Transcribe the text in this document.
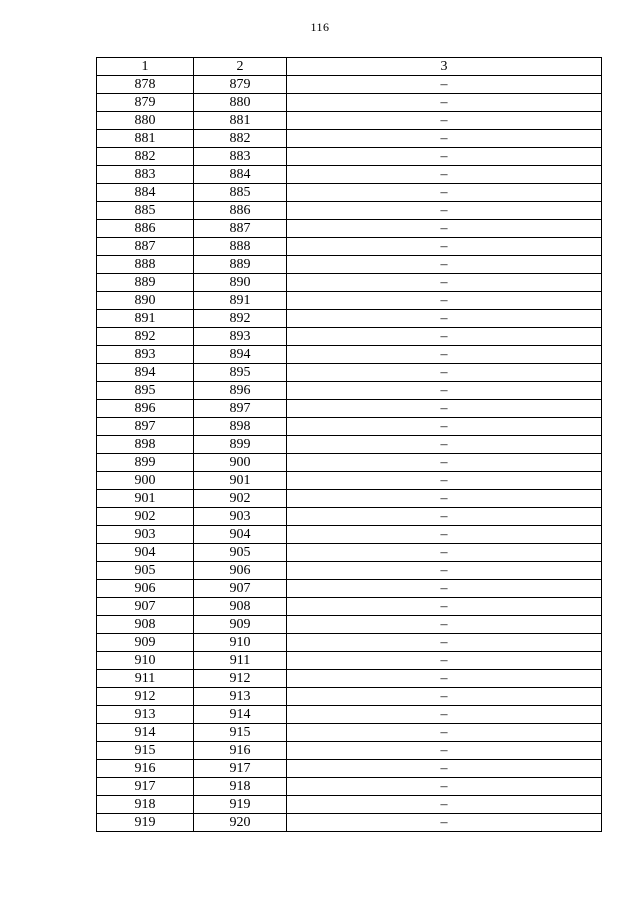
116
1	2	3
878	879	–
879	880	–
880	881	–
881	882	–
882	883	–
883	884	–
884	885	–
885	886	–
886	887	–
887	888	–
888	889	–
889	890	–
890	891	–
891	892	–
892	893	–
893	894	–
894	895	–
895	896	–
896	897	–
897	898	–
898	899	–
899	900	–
900	901	–
901	902	–
902	903	–
903	904	–
904	905	–
905	906	–
906	907	–
907	908	–
908	909	–
909	910	–
910	911	–
911	912	–
912	913	–
913	914	–
914	915	–
915	916	–
916	917	–
917	918	–
918	919	–
919	920	–
